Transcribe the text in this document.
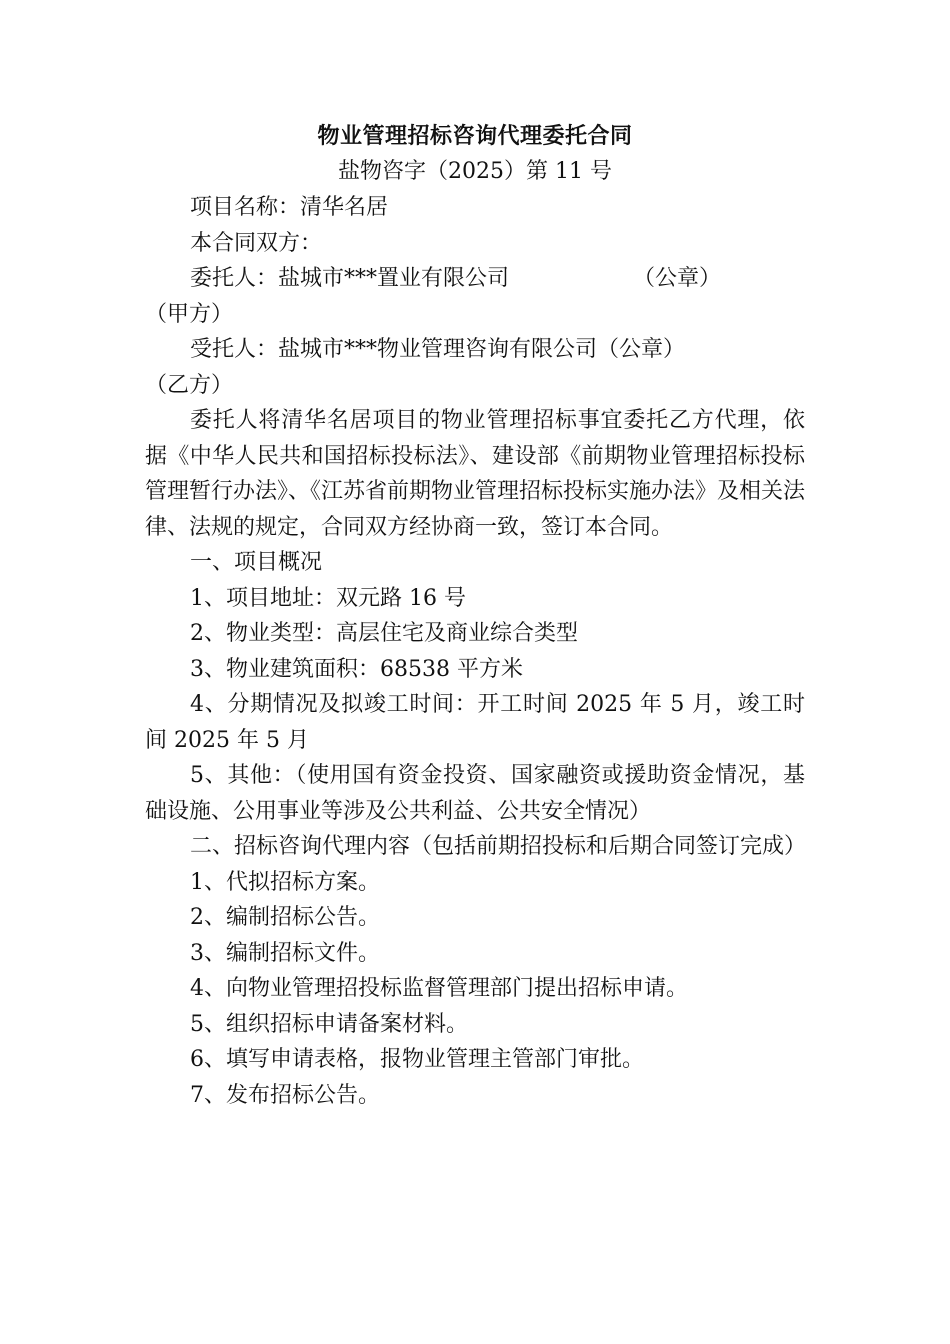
物业管理招标咨询代理委托合同
盐物咨字（2025）第 11 号
项目名称：清华名居
本合同双方：
委托人：盐城市***置业有限公司	（公章）
（甲方）
受托人：盐城市***物业管理咨询有限公司（公章）
（乙方）
委托人将清华名居项目的物业管理招标事宜委托乙方代理，依据《中华人民共和国招标投标法》、建设部《前期物业管理招标投标管理暂行办法》、《江苏省前期物业管理招标投标实施办法》及相关法律、法规的规定，合同双方经协商一致，签订本合同。
一、项目概况
1、项目地址：双元路 16 号
2、物业类型：高层住宅及商业综合类型
3、物业建筑面积：68538 平方米
4、分期情况及拟竣工时间：开工时间 2025 年 5 月，竣工时间 2025 年 5 月
5、其他：（使用国有资金投资、国家融资或援助资金情况，基础设施、公用事业等涉及公共利益、公共安全情况）
二、招标咨询代理内容（包括前期招投标和后期合同签订完成）
1、代拟招标方案。
2、编制招标公告。
3、编制招标文件。
4、向物业管理招投标监督管理部门提出招标申请。
5、组织招标申请备案材料。
6、填写申请表格，报物业管理主管部门审批。
7、发布招标公告。
